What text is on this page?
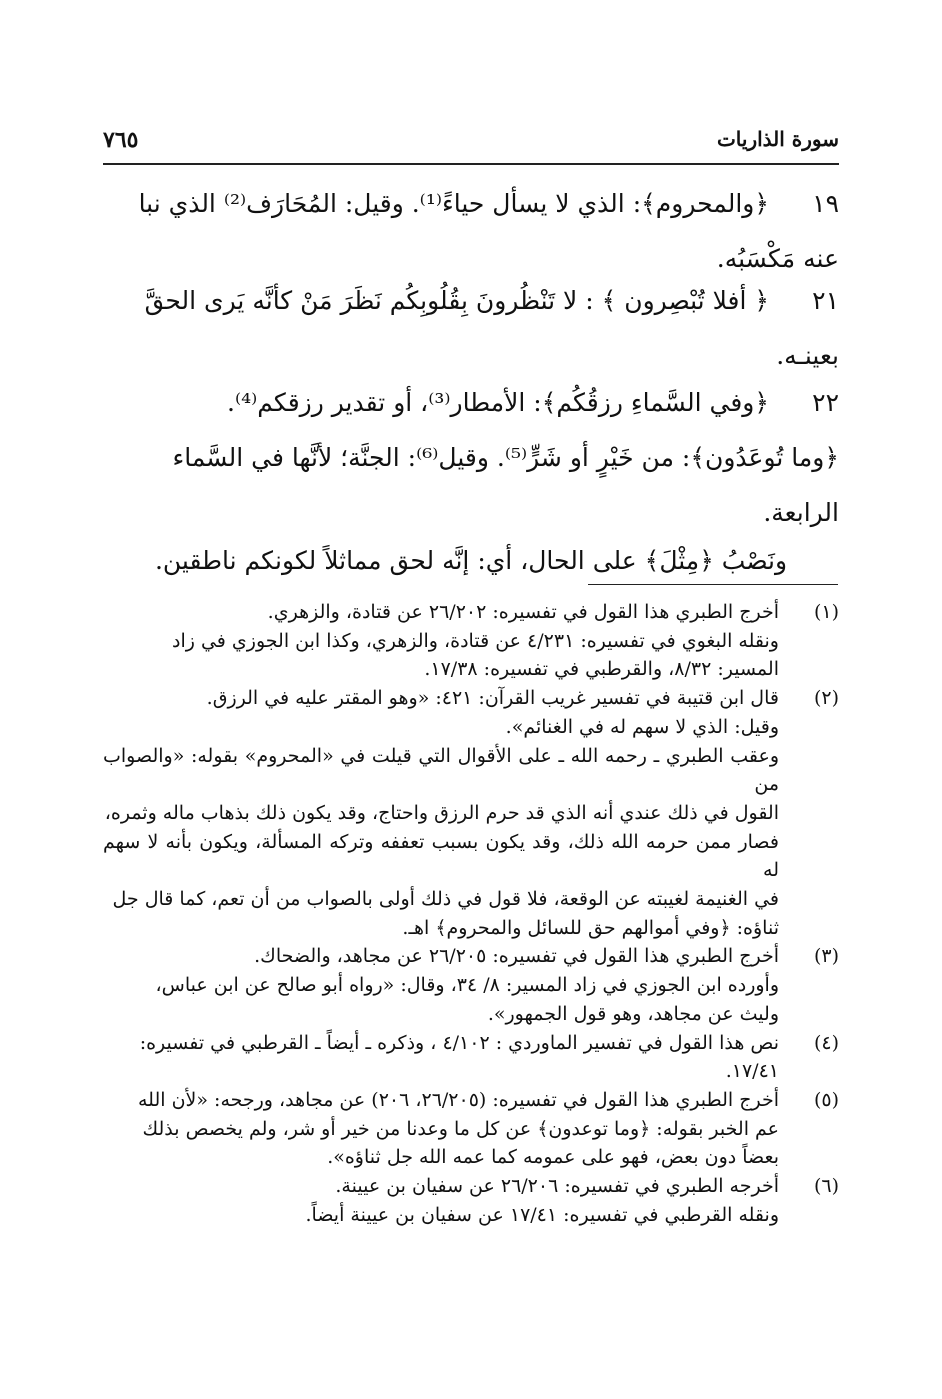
سورة الذاريات
٧٦٥
١٩
﴿والمحروم﴾: الذي لا يسأل حياءً⁽¹⁾. وقيل: المُحَارَف⁽²⁾ الذي نبا
عنه مَكْسَبُه.
٢١
﴿ أفلا تُبْصِرون ﴾ : لا تَنْظُرونَ بِقُلُوبِكُم نَظَرَ مَنْ كأنَّه يَرى الحقَّ
بعينـه.
٢٢
﴿وفي السَّماءِ رزقُكُم﴾: الأمطار⁽³⁾، أو تقدير رزقكم⁽⁴⁾.
﴿وما تُوعَدُون﴾: من خَيْرٍ أو شَرٍّ⁽⁵⁾. وقيل⁽⁶⁾: الجنَّة؛ لأنَّها في السَّماء
الرابعة.
ونَصْبُ ﴿مِثْلَ﴾ على الحال، أي: إنَّه لحق مماثلاً لكونكم ناطقين.
(١)
أخرج الطبري هذا القول في تفسيره: ٢٦/٢٠٢ عن قتادة، والزهري.
ونقله البغوي في تفسيره: ٤/٢٣١ عن قتادة، والزهري، وكذا ابن الجوزي في زاد
المسير: ٨/٣٢، والقرطبي في تفسيره: ١٧/٣٨.
(٢)
قال ابن قتيبة في تفسير غريب القرآن: ٤٢١: «وهو المقتر عليه في الرزق.
وقيل: الذي لا سهم له في الغنائم».
وعقب الطبري ـ رحمه الله ـ على الأقوال التي قيلت في «المحروم» بقوله: «والصواب من
القول في ذلك عندي أنه الذي قد حرم الرزق واحتاج، وقد يكون ذلك بذهاب ماله وثمره،
فصار ممن حرمه الله ذلك، وقد يكون بسبب تعففه وتركه المسألة، ويكون بأنه لا سهم له
في الغنيمة لغيبته عن الوقعة، فلا قول في ذلك أولى بالصواب من أن تعم، كما قال جل
ثناؤه: ﴿وفي أموالهم حق للسائل والمحروم﴾ اهـ.
(٣)
أخرج الطبري هذا القول في تفسيره: ٢٦/٢٠٥ عن مجاهد، والضحاك.
وأورده ابن الجوزي في زاد المسير: ٨/ ٣٤، وقال: «رواه أبو صالح عن ابن عباس،
وليث عن مجاهد، وهو قول الجمهور».
(٤)
نص هذا القول في تفسير الماوردي : ٤/١٠٢ ، وذكره ـ أيضاً ـ القرطبي في تفسيره:
١٧/٤١.
(٥)
أخرج الطبري هذا القول في تفسيره: (٢٦/٢٠٥، ٢٠٦) عن مجاهد، ورجحه: «لأن الله
عم الخبر بقوله: ﴿وما توعدون﴾ عن كل ما وعدنا من خير أو شر، ولم يخصص بذلك
بعضاً دون بعض، فهو على عمومه كما عمه الله جل ثناؤه».
(٦)
أخرجه الطبري في تفسيره: ٢٦/٢٠٦ عن سفيان بن عيينة.
ونقله القرطبي في تفسيره: ١٧/٤١ عن سفيان بن عيينة أيضاً.
